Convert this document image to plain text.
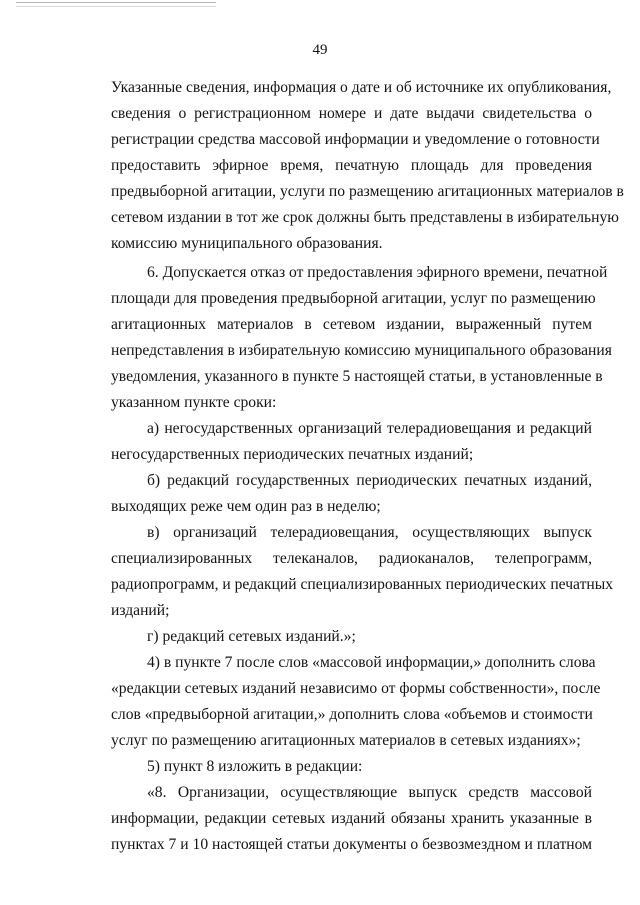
49
Указанные сведения, информация о дате и об источнике их опубликования,
сведения о регистрационном номере и дате выдачи свидетельства о
регистрации средства массовой информации и уведомление о готовности
предоставить эфирное время, печатную площадь для проведения
предвыборной агитации, услуги по размещению агитационных материалов в
сетевом издании в тот же срок должны быть представлены в избирательную
комиссию муниципального образования.
6. Допускается отказ от предоставления эфирного времени, печатной
площади для проведения предвыборной агитации, услуг по размещению
агитационных материалов в сетевом издании, выраженный путем
непредставления в избирательную комиссию муниципального образования
уведомления, указанного в пункте 5 настоящей статьи, в установленные в
указанном пункте сроки:
а) негосударственных организаций телерадиовещания и редакций
негосударственных периодических печатных изданий;
б) редакций государственных периодических печатных изданий,
выходящих реже чем один раз в неделю;
в) организаций телерадиовещания, осуществляющих выпуск
специализированных телеканалов, радиоканалов, телепрограмм,
радиопрограмм, и редакций специализированных периодических печатных
изданий;
г) редакций сетевых изданий.»;
4) в пункте 7 после слов «массовой информации,» дополнить слова
«редакции сетевых изданий независимо от формы собственности», после
слов «предвыборной агитации,» дополнить слова «объемов и стоимости
услуг по размещению агитационных материалов в сетевых изданиях»;
5) пункт 8 изложить в редакции:
«8. Организации, осуществляющие выпуск средств массовой
информации, редакции сетевых изданий обязаны хранить указанные в
пунктах 7 и 10 настоящей статьи документы о безвозмездном и платном
